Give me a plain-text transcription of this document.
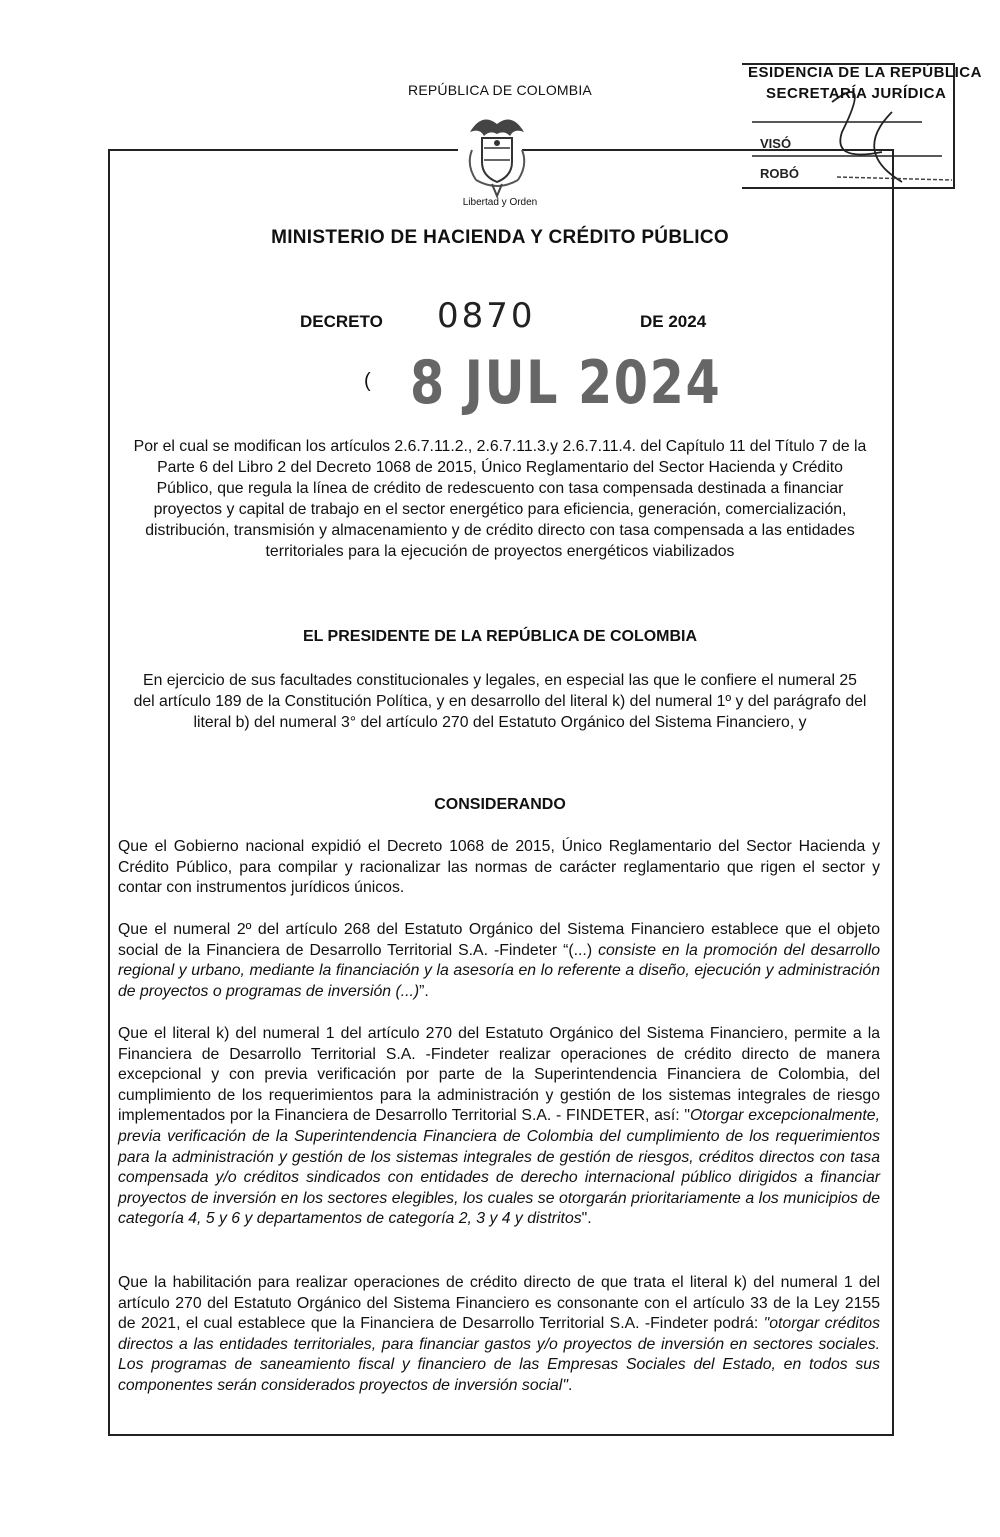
REPÚBLICA DE COLOMBIA
Libertad y Orden
ESIDENCIA DE LA REPÚBLICA
SECRETARÍA JURÍDICA
VISÓ
ROBÓ
MINISTERIO DE HACIENDA Y CRÉDITO PÚBLICO
DECRETO 0870	DE 2024
( 8 JUL 2024
Por el cual se modifican los artículos 2.6.7.11.2., 2.6.7.11.3.y 2.6.7.11.4. del Capítulo 11 del Título 7 de la Parte 6 del Libro 2 del Decreto 1068 de 2015, Único Reglamentario del Sector Hacienda y Crédito Público, que regula la línea de crédito de redescuento con tasa compensada destinada a financiar proyectos y capital de trabajo en el sector energético para eficiencia, generación, comercialización, distribución, transmisión y almacenamiento y de crédito directo con tasa compensada a las entidades territoriales para la ejecución de proyectos energéticos viabilizados
EL PRESIDENTE DE LA REPÚBLICA DE COLOMBIA
En ejercicio de sus facultades constitucionales y legales, en especial las que le confiere el numeral 25 del artículo 189 de la Constitución Política, y en desarrollo del literal k) del numeral 1º y del parágrafo del literal b) del numeral 3° del artículo 270 del Estatuto Orgánico del Sistema Financiero, y
CONSIDERANDO
Que el Gobierno nacional expidió el Decreto 1068 de 2015, Único Reglamentario del Sector Hacienda y Crédito Público, para compilar y racionalizar las normas de carácter reglamentario que rigen el sector y contar con instrumentos jurídicos únicos.
Que el numeral 2º del artículo 268 del Estatuto Orgánico del Sistema Financiero establece que el objeto social de la Financiera de Desarrollo Territorial S.A. -Findeter “(...) consiste en la promoción del desarrollo regional y urbano, mediante la financiación y la asesoría en lo referente a diseño, ejecución y administración de proyectos o programas de inversión (...)”.
Que el literal k) del numeral 1 del artículo 270 del Estatuto Orgánico del Sistema Financiero, permite a la Financiera de Desarrollo Territorial S.A. -Findeter realizar operaciones de crédito directo de manera excepcional y con previa verificación por parte de la Superintendencia Financiera de Colombia, del cumplimiento de los requerimientos para la administración y gestión de los sistemas integrales de riesgo implementados por la Financiera de Desarrollo Territorial S.A. - FINDETER, así: "Otorgar excepcionalmente, previa verificación de la Superintendencia Financiera de Colombia del cumplimiento de los requerimientos para la administración y gestión de los sistemas integrales de gestión de riesgos, créditos directos con tasa compensada y/o créditos sindicados con entidades de derecho internacional público dirigidos a financiar proyectos de inversión en los sectores elegibles, los cuales se otorgarán prioritariamente a los municipios de categoría 4, 5 y 6 y departamentos de categoría 2, 3 y 4 y distritos".
Que la habilitación para realizar operaciones de crédito directo de que trata el literal k) del numeral 1 del artículo 270 del Estatuto Orgánico del Sistema Financiero es consonante con el artículo 33 de la Ley 2155 de 2021, el cual establece que la Financiera de Desarrollo Territorial S.A. -Findeter podrá: "otorgar créditos directos a las entidades territoriales, para financiar gastos y/o proyectos de inversión en sectores sociales. Los programas de saneamiento fiscal y financiero de las Empresas Sociales del Estado, en todos sus componentes serán considerados proyectos de inversión social".
